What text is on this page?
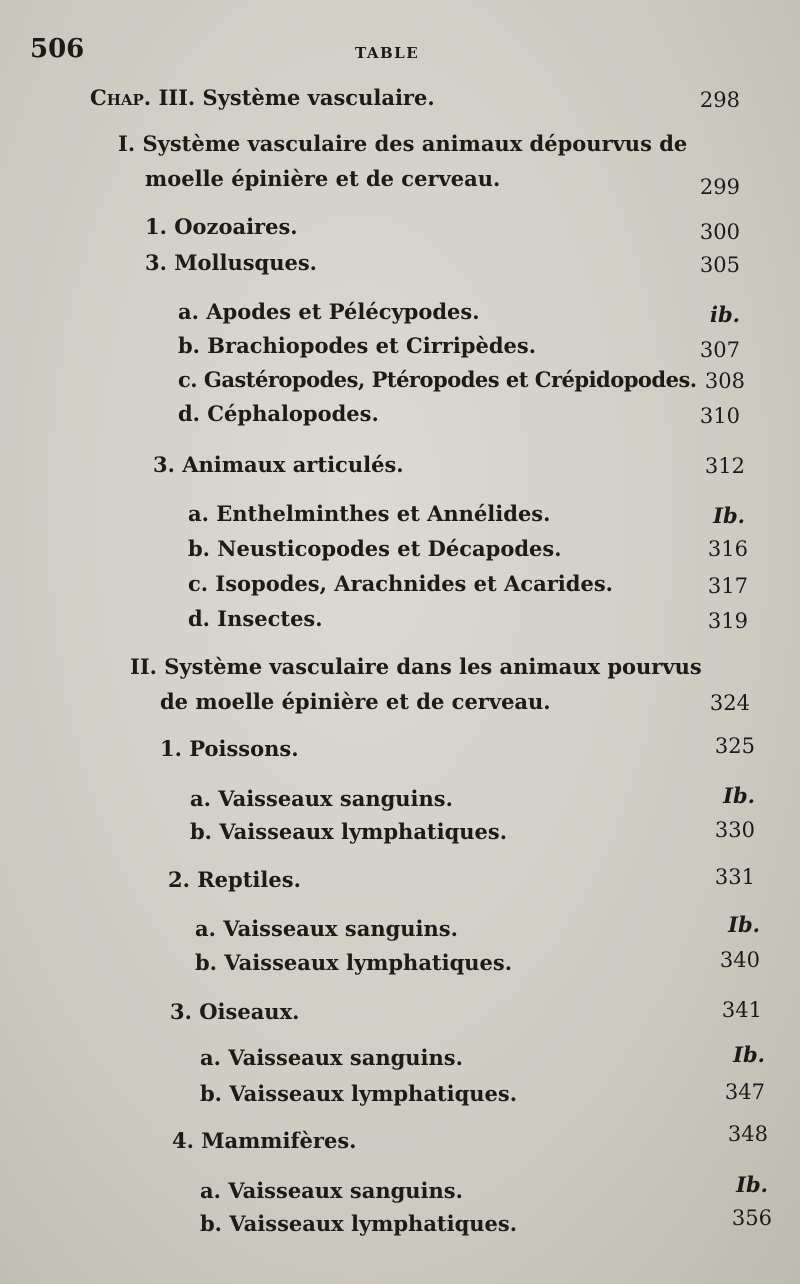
506	TABLE
Chap. III. Système vasculaire.	298
I. Système vasculaire des animaux dépourvus de
moelle épinière et de cerveau.	299
1. Oozoaires.	300
3. Mollusques.	305
a. Apodes et Pélécypodes.	ib.
b. Brachiopodes et Cirripèdes.	307
c. Gastéropodes, Ptéropodes et Crépidopodes. 308
d. Céphalopodes.	310
3. Animaux articulés.	312
a. Enthelminthes et Annélides.	Ib.
b. Neusticopodes et Décapodes.	316
c. Isopodes, Arachnides et Acarides.	317
d. Insectes.	319
II. Système vasculaire dans les animaux pourvus
de moelle épinière et de cerveau.	324
1. Poissons.	325
a. Vaisseaux sanguins.	Ib.
b. Vaisseaux lymphatiques.	330
2. Reptiles.	331
a. Vaisseaux sanguins.	Ib.
b. Vaisseaux lymphatiques.	340
3. Oiseaux.	341
a. Vaisseaux sanguins.	Ib.
b. Vaisseaux lymphatiques.	347
4. Mammifères.	348
a. Vaisseaux sanguins.	Ib.
b. Vaisseaux lymphatiques.	356
